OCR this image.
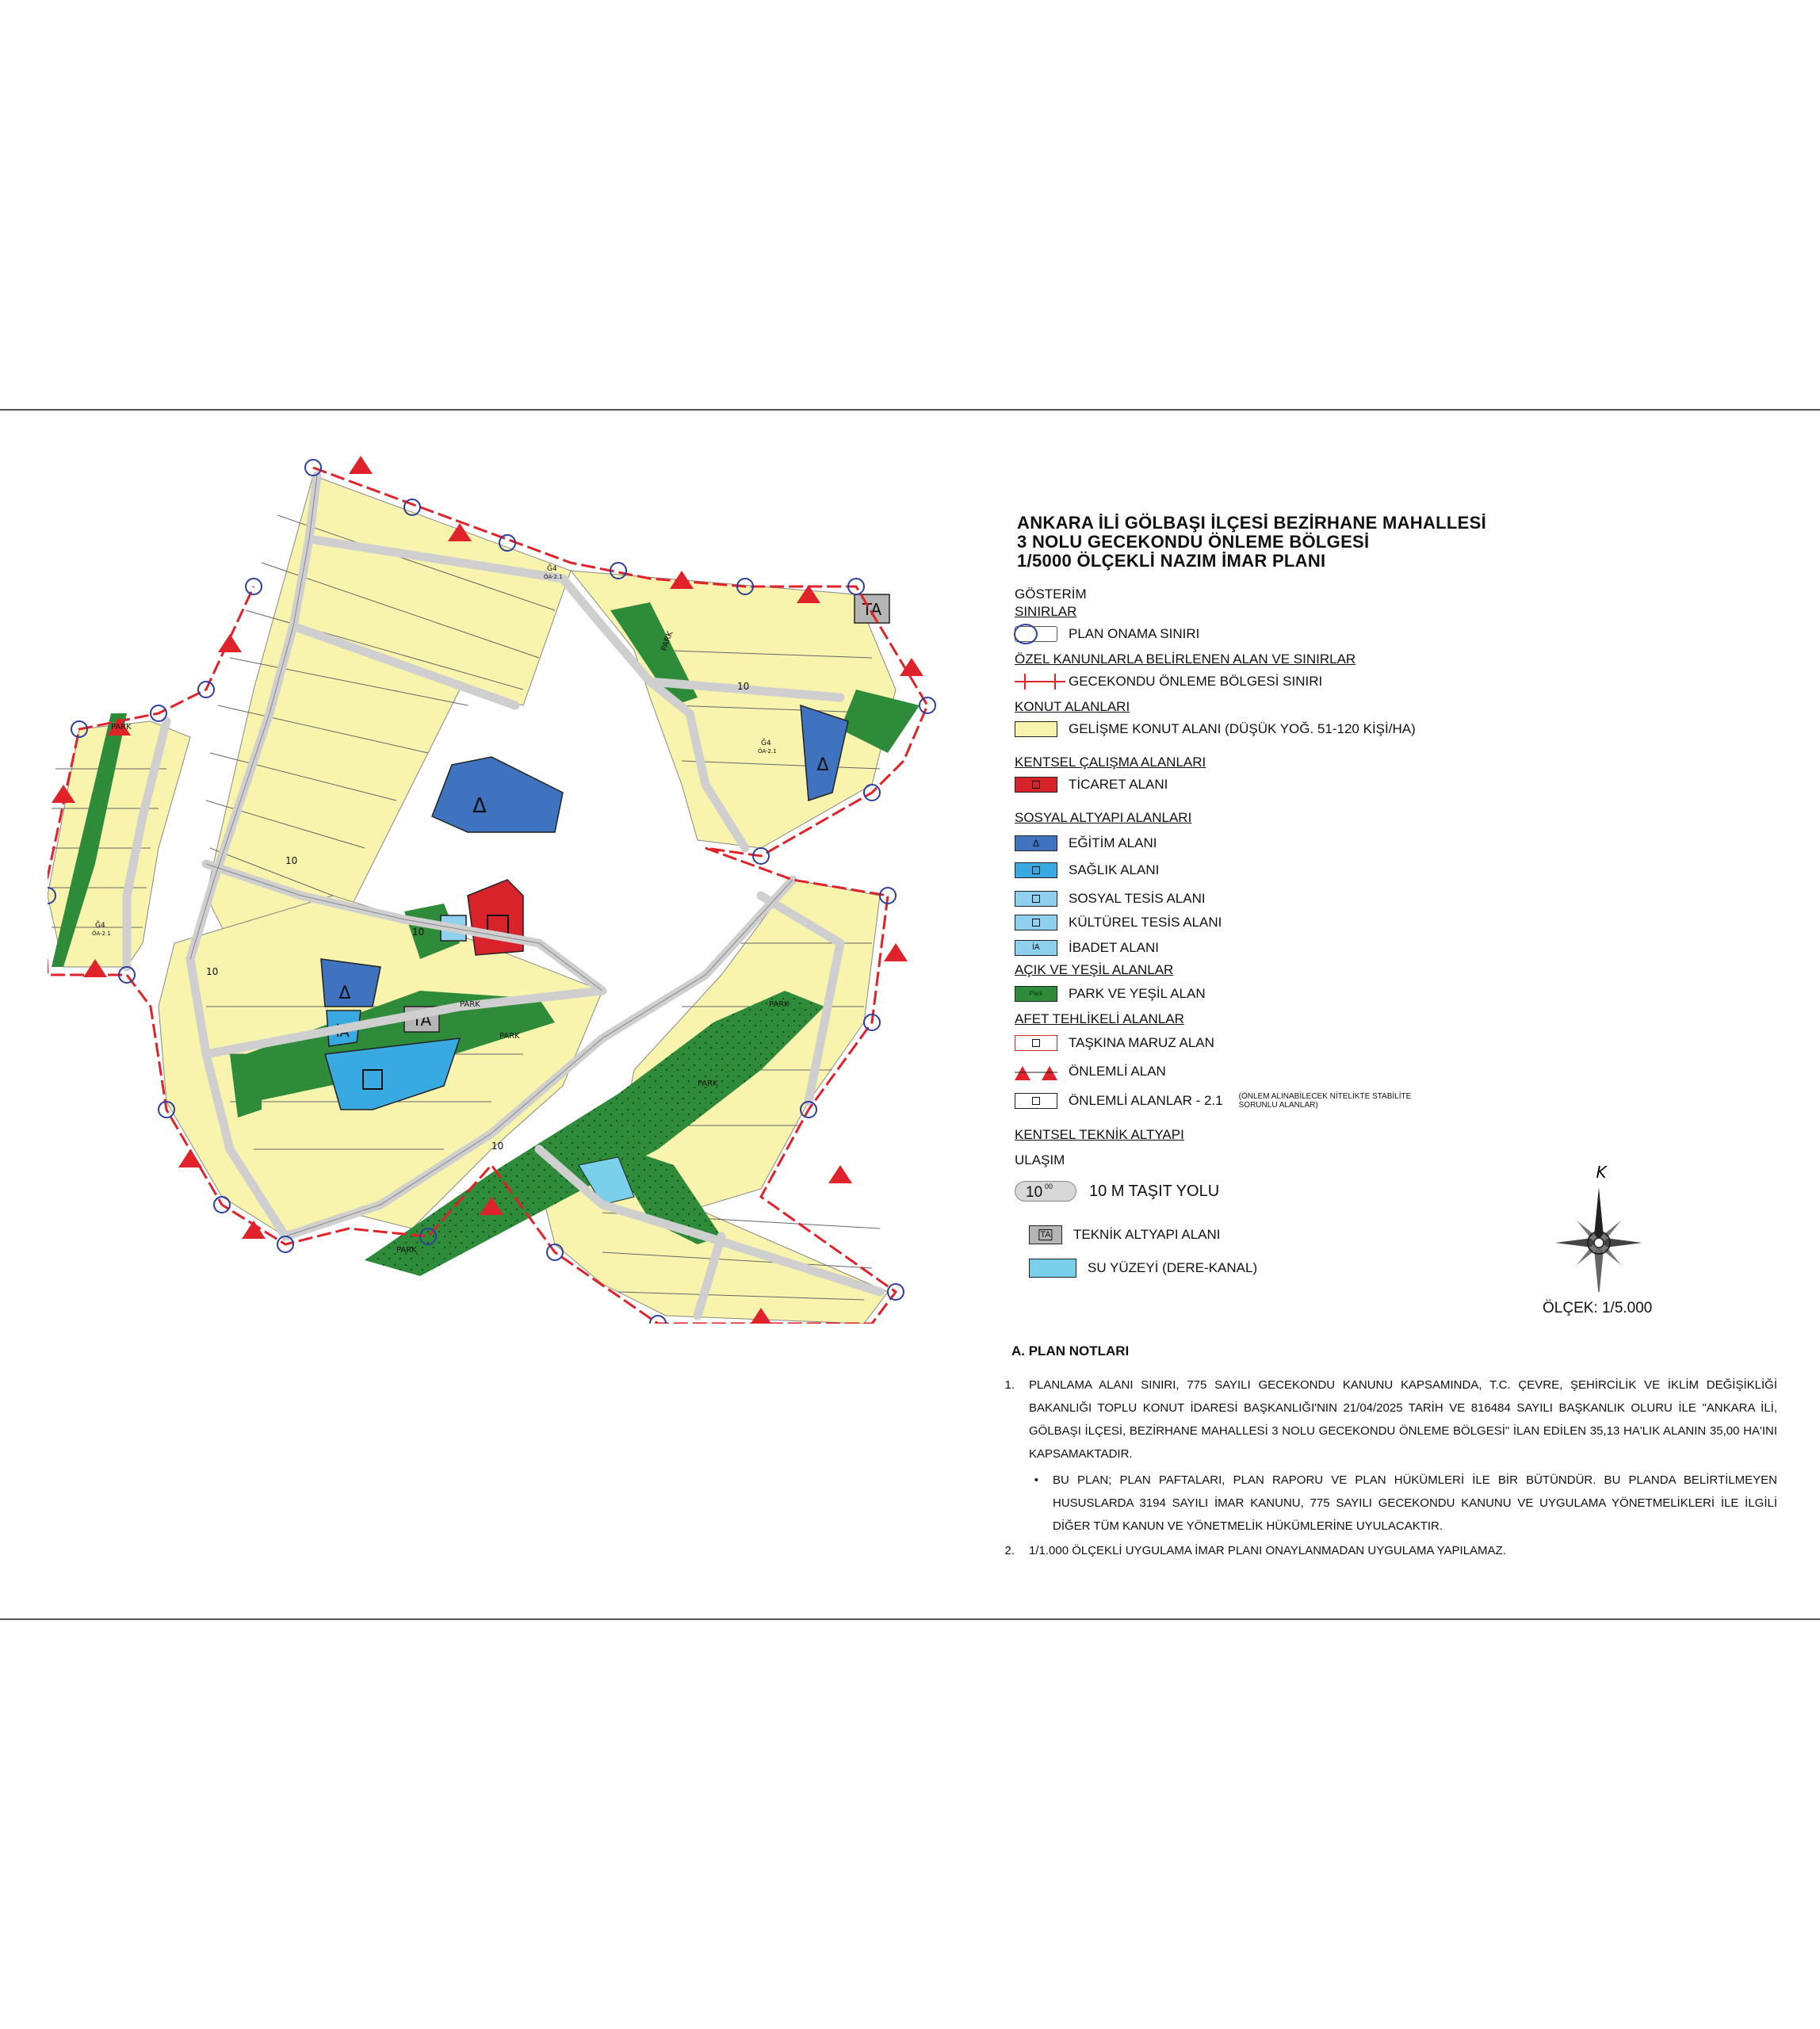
Δ
Δ
Δ
İA
TA
TA
PARK
PARK
PARK
PARK
PARK
PARK
PARK
10
10
10
10
10
Ğ4
ÖA-2.1
Ğ4
ÖA-2.1
Ğ4
ÖA-2.1
ANKARA İLİ GÖLBAŞI İLÇESİ BEZİRHANE MAHALLESİ
3 NOLU GECEKONDU ÖNLEME BÖLGESİ
1/5000 ÖLÇEKLİ NAZIM İMAR PLANI
GÖSTERİM
SINIRLAR
PLAN ONAMA SINIRI
ÖZEL KANUNLARLA BELİRLENEN ALAN VE SINIRLAR
GECEKONDU ÖNLEME BÖLGESİ SINIRI
KONUT ALANLARI
GELİŞME KONUT ALANI (DÜŞÜK YOĞ. 51-120 KİŞİ/HA)
KENTSEL ÇALIŞMA ALANLARI
TİCARET ALANI
SOSYAL ALTYAPI ALANLARI
Δ EĞİTİM ALANI
SAĞLIK ALANI
SOSYAL TESİS ALANI
KÜLTÜREL TESİS ALANI
İA İBADET ALANI
AÇIK VE YEŞİL ALANLAR
Park PARK VE YEŞİL ALAN
AFET TEHLİKELİ ALANLAR
TAŞKINA MARUZ ALAN
ÖNLEMLİ ALAN
ÖNLEMLİ ALANLAR - 2.1 (ÖNLEM ALINABİLECEK NİTELİKTE STABİLİTE SORUNLU ALANLAR)
KENTSEL TEKNİK ALTYAPI
ULAŞIM
10 00 10 M TAŞIT YOLU
TA TEKNİK ALTYAPI ALANI
SU YÜZEYİ (DERE-KANAL)
K
ÖLÇEK: 1/5.000
A. PLAN NOTLARI
1.	PLANLAMA ALANI SINIRI, 775 SAYILI GECEKONDU KANUNU KAPSAMINDA, T.C. ÇEVRE, ŞEHİRCİLİK VE İKLİM DEĞİŞİKLİĞİ BAKANLIĞI TOPLU KONUT İDARESİ BAŞKANLIĞI'NIN 21/04/2025 TARİH VE 816484 SAYILI BAŞKANLIK OLURU İLE "ANKARA İLİ, GÖLBAŞI İLÇESİ, BEZİRHANE MAHALLESİ 3 NOLU GECEKONDU ÖNLEME BÖLGESİ" İLAN EDİLEN 35,13 HA'LIK ALANIN 35,00 HA'INI KAPSAMAKTADIR.
•	BU PLAN; PLAN PAFTALARI, PLAN RAPORU VE PLAN HÜKÜMLERİ İLE BİR BÜTÜNDÜR. BU PLANDA BELİRTİLMEYEN HUSUSLARDA 3194 SAYILI İMAR KANUNU, 775 SAYILI GECEKONDU KANUNU VE UYGULAMA YÖNETMELİKLERİ İLE İLGİLİ DİĞER TÜM KANUN VE YÖNETMELİK HÜKÜMLERİNE UYULACAKTIR.
2.	1/1.000 ÖLÇEKLİ UYGULAMA İMAR PLANI ONAYLANMADAN UYGULAMA YAPILAMAZ.
